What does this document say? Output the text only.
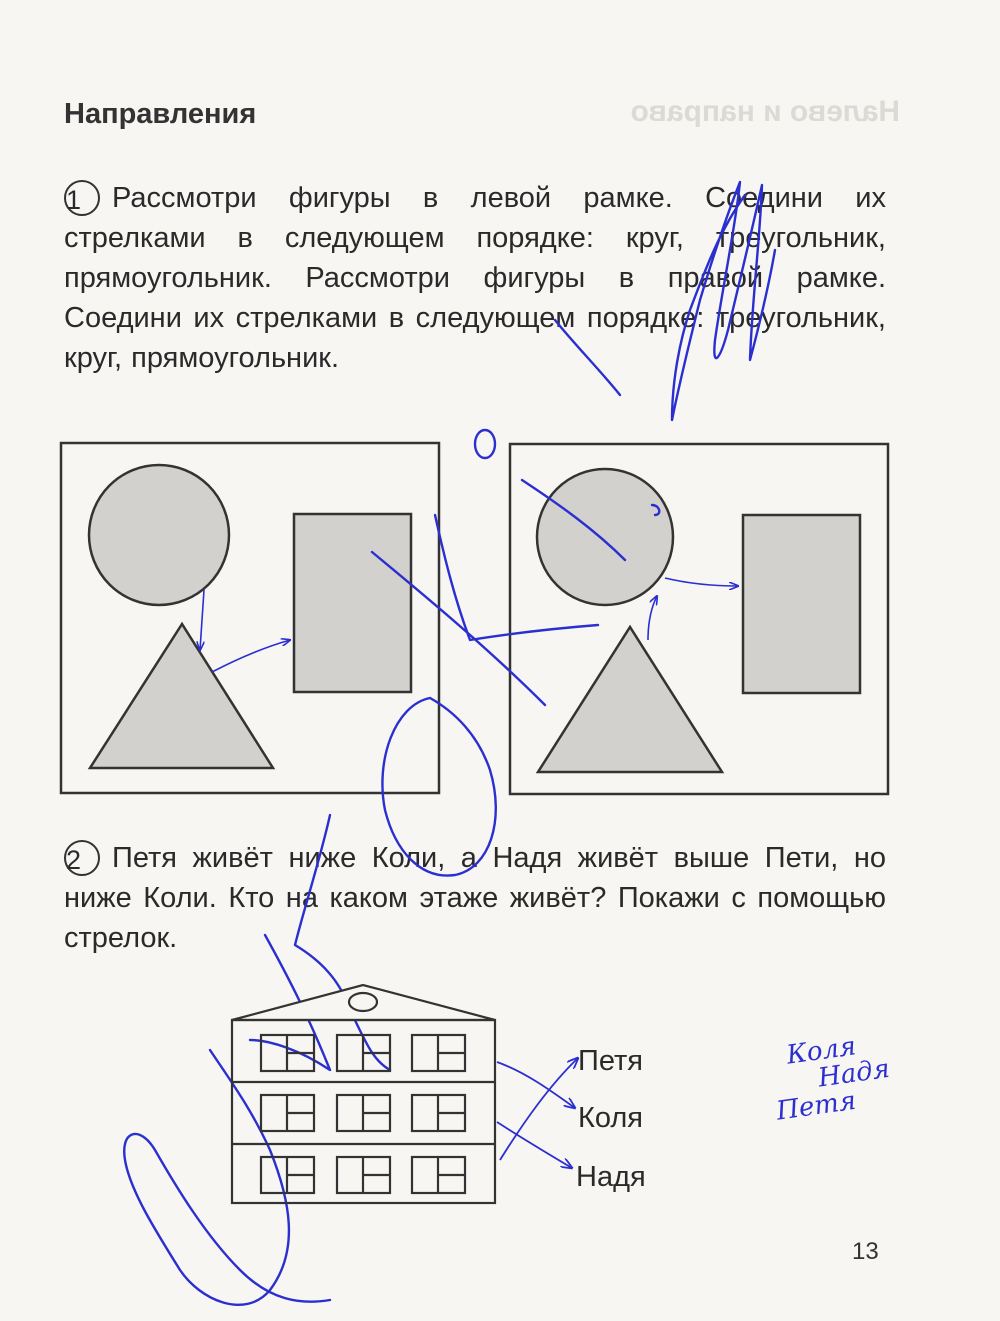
Налево и направо
Направления

1 Рассмотри фигуры в левой рамке. Соедини их стрелками в следующем порядке: круг, треугольник, прямоугольник. Рассмотри фигуры в правой рамке. Соедини их стрелками в следующем порядке: треугольник, круг, прямоугольник.

2 Петя живёт ниже Коли, а Надя живёт выше Пети, но ниже Коли. Кто на каком этаже живёт? Покажи с помощью стрелок.

Петя
Коля
Надя
Коля
Надя
Петя

13
